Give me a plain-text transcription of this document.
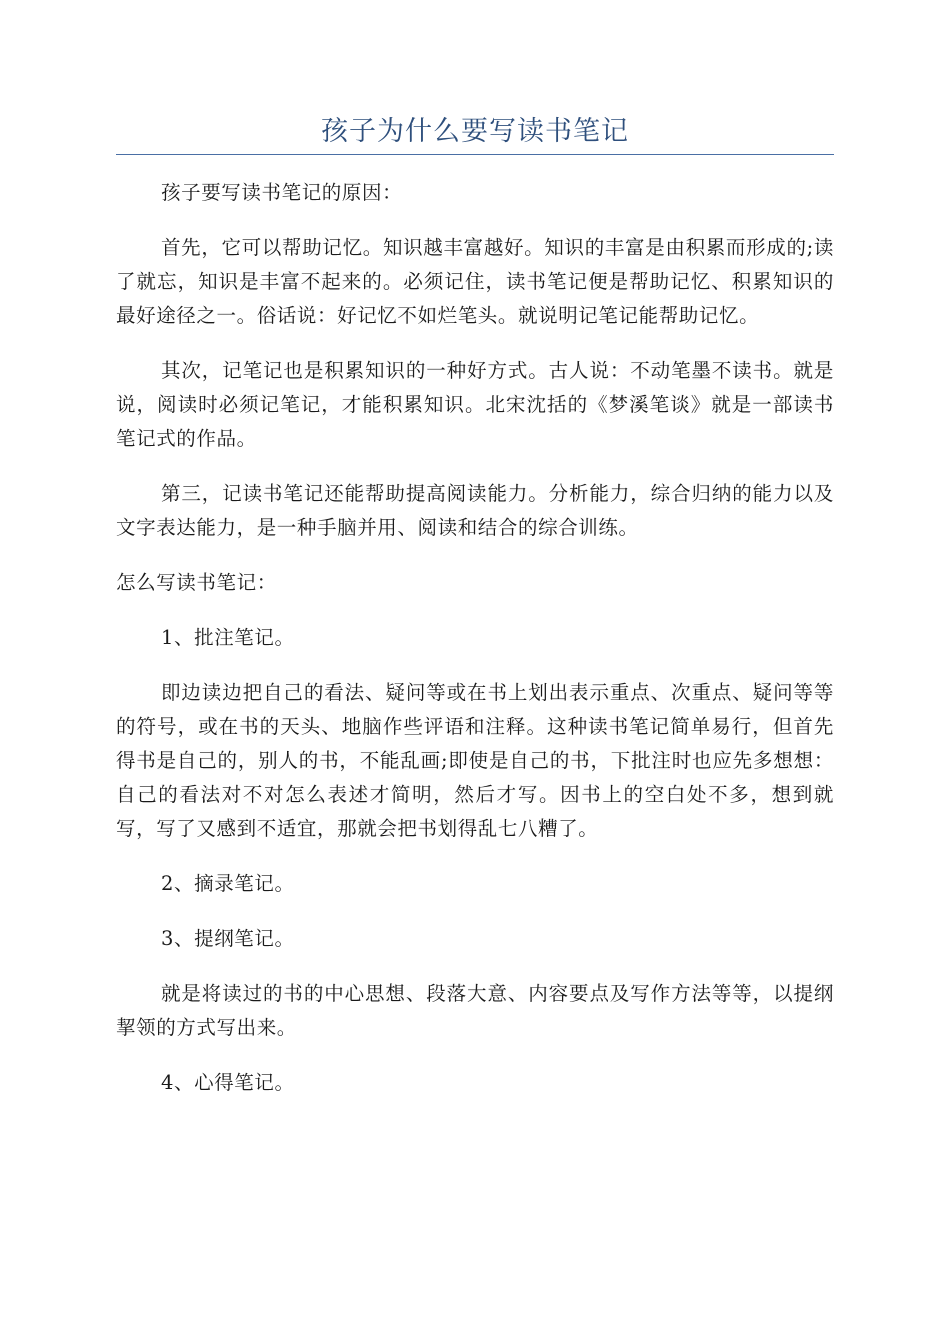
孩子为什么要写读书笔记

孩子要写读书笔记的原因：

首先，它可以帮助记忆。知识越丰富越好。知识的丰富是由积累而形成的;读了就忘，知识是丰富不起来的。必须记住，读书笔记便是帮助记忆、积累知识的最好途径之一。俗话说：好记忆不如烂笔头。就说明记笔记能帮助记忆。

其次，记笔记也是积累知识的一种好方式。古人说：不动笔墨不读书。就是说，阅读时必须记笔记，才能积累知识。北宋沈括的《梦溪笔谈》就是一部读书笔记式的作品。

第三，记读书笔记还能帮助提高阅读能力。分析能力，综合归纳的能力以及文字表达能力，是一种手脑并用、阅读和结合的综合训练。

怎么写读书笔记：

1、批注笔记。

即边读边把自己的看法、疑问等或在书上划出表示重点、次重点、疑问等等的符号，或在书的天头、地脑作些评语和注释。这种读书笔记简单易行，但首先得书是自己的，别人的书，不能乱画;即使是自己的书，下批注时也应先多想想：自己的看法对不对怎么表述才简明，然后才写。因书上的空白处不多，想到就写，写了又感到不适宜，那就会把书划得乱七八糟了。

2、摘录笔记。

3、提纲笔记。

就是将读过的书的中心思想、段落大意、内容要点及写作方法等等，以提纲挈领的方式写出来。

4、心得笔记。
